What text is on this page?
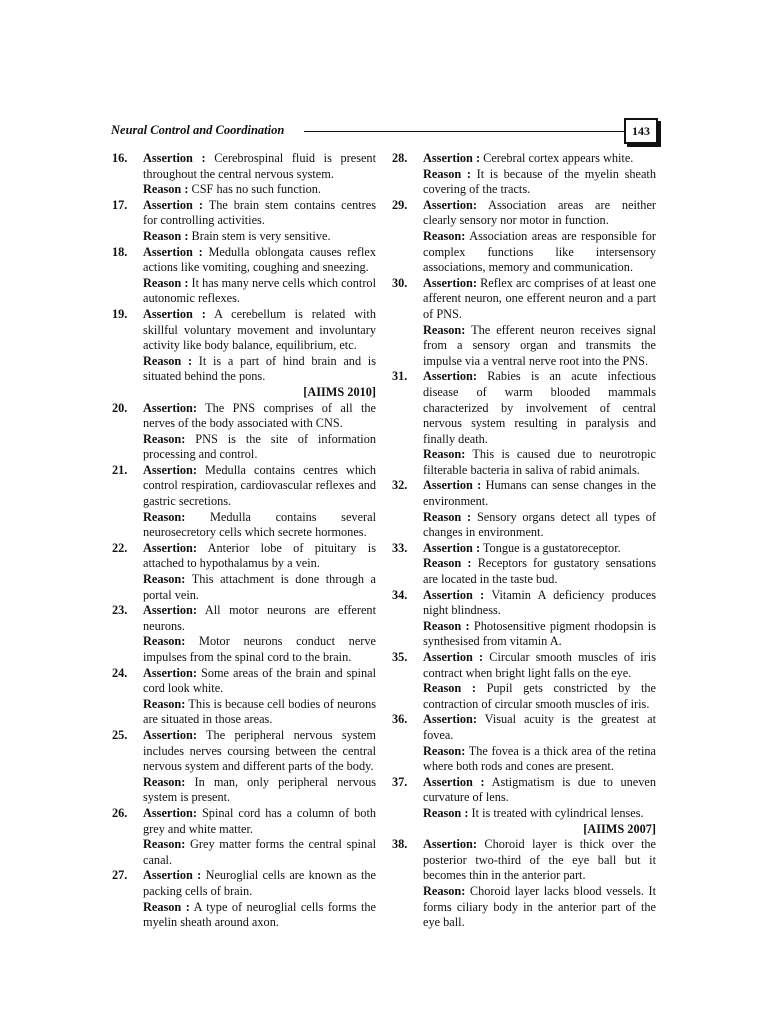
Neural Control and Coordination	143
16. Assertion : Cerebrospinal fluid is present throughout the central nervous system.
Reason : CSF has no such function.
17. Assertion : The brain stem contains centres for controlling activities.
Reason : Brain stem is very sensitive.
18. Assertion : Medulla oblongata causes reflex actions like vomiting, coughing and sneezing.
Reason : It has many nerve cells which control autonomic reflexes.
19. Assertion : A cerebellum is related with skillful voluntary movement and involuntary activity like body balance, equilibrium, etc.
Reason : It is a part of hind brain and is situated behind the pons.
[AIIMS 2010]
20. Assertion: The PNS comprises of all the nerves of the body associated with CNS.
Reason: PNS is the site of information processing and control.
21. Assertion: Medulla contains centres which control respiration, cardiovascular reflexes and gastric secretions.
Reason: Medulla contains several neurosecretory cells which secrete hormones.
22. Assertion: Anterior lobe of pituitary is attached to hypothalamus by a vein.
Reason: This attachment is done through a portal vein.
23. Assertion: All motor neurons are efferent neurons.
Reason: Motor neurons conduct nerve impulses from the spinal cord to the brain.
24. Assertion: Some areas of the brain and spinal cord look white.
Reason: This is because cell bodies of neurons are situated in those areas.
25. Assertion: The peripheral nervous system includes nerves coursing between the central nervous system and different parts of the body.
Reason: In man, only peripheral nervous system is present.
26. Assertion: Spinal cord has a column of both grey and white matter.
Reason: Grey matter forms the central spinal canal.
27. Assertion : Neuroglial cells are known as the packing cells of brain.
Reason : A type of neuroglial cells forms the myelin sheath around axon.
28. Assertion : Cerebral cortex appears white.
Reason : It is because of the myelin sheath covering of the tracts.
29. Assertion: Association areas are neither clearly sensory nor motor in function.
Reason: Association areas are responsible for complex functions like intersensory associations, memory and communication.
30. Assertion: Reflex arc comprises of at least one afferent neuron, one efferent neuron and a part of PNS.
Reason: The efferent neuron receives signal from a sensory organ and transmits the impulse via a ventral nerve root into the PNS.
31. Assertion: Rabies is an acute infectious disease of warm blooded mammals characterized by involvement of central nervous system resulting in paralysis and finally death.
Reason: This is caused due to neurotropic filterable bacteria in saliva of rabid animals.
32. Assertion : Humans can sense changes in the environment.
Reason : Sensory organs detect all types of changes in environment.
33. Assertion : Tongue is a gustatoreceptor.
Reason : Receptors for gustatory sensations are located in the taste bud.
34. Assertion : Vitamin A deficiency produces night blindness.
Reason : Photosensitive pigment rhodopsin is synthesised from vitamin A.
35. Assertion : Circular smooth muscles of iris contract when bright light falls on the eye.
Reason : Pupil gets constricted by the contraction of circular smooth muscles of iris.
36. Assertion: Visual acuity is the greatest at fovea.
Reason: The fovea is a thick area of the retina where both rods and cones are present.
37. Assertion : Astigmatism is due to uneven curvature of lens.
Reason : It is treated with cylindrical lenses.
[AIIMS 2007]
38. Assertion: Choroid layer is thick over the posterior two-third of the eye ball but it becomes thin in the anterior part.
Reason: Choroid layer lacks blood vessels. It forms ciliary body in the anterior part of the eye ball.
